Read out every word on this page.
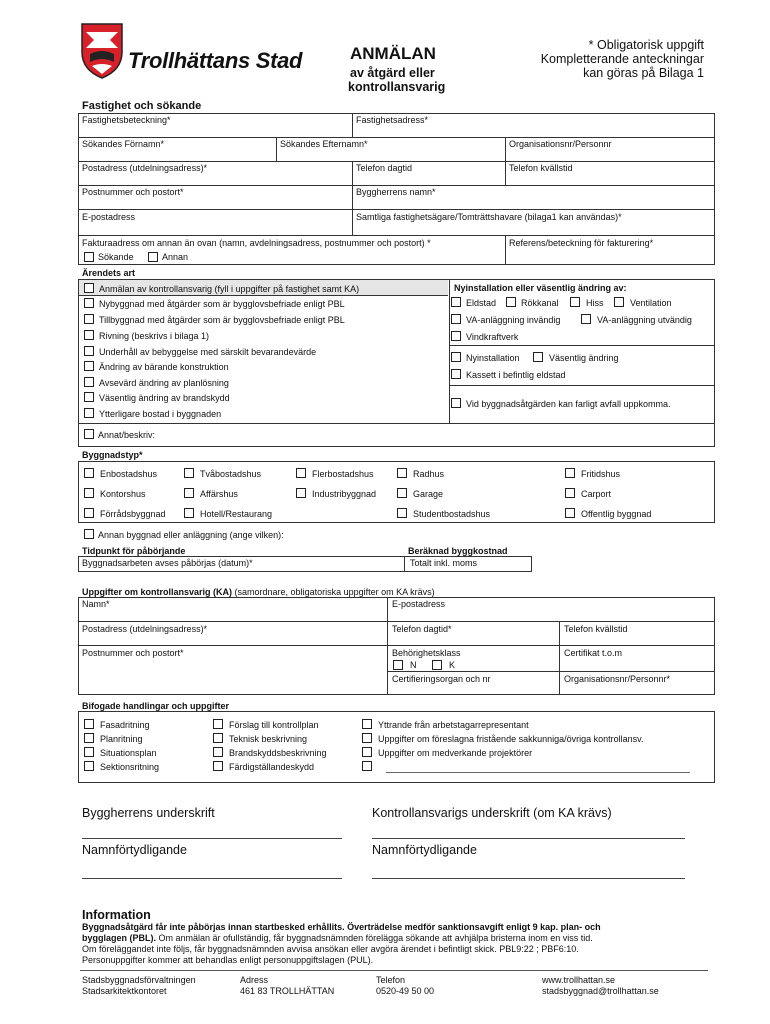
Trollhättans Stad	ANMÄLAN
av åtgärd eller
kontrollansvarig
* Obligatorisk uppgift
Kompletterande anteckningar
kan göras på Bilaga 1
Fastighet och sökande
Fastighetsbeteckning*	Fastighetsadress*
Sökandes Förnamn*	Sökandes Efternamn*	Organisationsnr/Personnr
Postadress (utdelningsadress)*	Telefon dagtid	Telefon kvällstid
Postnummer och postort*	Byggherrens namn*
E-postadress	Samtliga fastighetsägare/Tomträttshavare (bilaga1 kan användas)*
Fakturaadress om annan än ovan (namn, avdelningsadress, postnummer och postort) *	Referens/beteckning för fakturering*
Sökande	Annan
Ärendets art
Anmälan av kontrollansvarig (fyll i uppgifter på fastighet samt KA)
Nybyggnad med åtgärder som är bygglovsbefriade enligt PBL
Tillbyggnad med åtgärder som är bygglovsbefriade enligt PBL
Rivning (beskrivs i bilaga 1)
Underhåll av bebyggelse med särskilt bevarandevärde
Ändring av bärande konstruktion
Avsevärd ändring av planlösning
Väsentlig ändring av brandskydd
Ytterligare bostad i byggnaden
Nyinstallation eller väsentlig ändring av:
Eldstad	Rökkanal	Hiss	Ventilation
VA-anläggning invändig	VA-anläggning utvändig
Vindkraftverk
Nyinstallation	Väsentlig ändring
Kassett i befintlig eldstad
Vid byggnadsåtgärden kan farligt avfall uppkomma.
Annat/beskriv:
Byggnadstyp*
Enbostadshus	Tvåbostadshus	Flerbostadshus	Radhus	Fritidshus
Kontorshus	Affärshus	Industribyggnad	Garage	Carport
Förrådsbyggnad	Hotell/Restaurang	Studentbostadshus	Offentlig byggnad
Annan byggnad eller anläggning (ange vilken):
Tidpunkt för påbörjande	Beräknad byggkostnad
Byggnadsarbeten avses påbörjas (datum)*	Totalt inkl. moms
Uppgifter om kontrollansvarig (KA) (samordnare, obligatoriska uppgifter om KA krävs)
Namn*	E-postadress
Postadress (utdelningsadress)*	Telefon dagtid*	Telefon kvällstid
Postnummer och postort*	Behörighetsklass
N	K
Certifikat t.o.m
Certifieringsorgan och nr	Organisationsnr/Personnr*
Bifogade handlingar och uppgifter
Fasadritning
Planritning
Situationsplan
Sektionsritning
Förslag till kontrollplan
Teknisk beskrivning
Brandskyddsbeskrivning
Färdigställandeskydd
Yttrande från arbetstagarrepresentant
Uppgifter om föreslagna fristående sakkunniga/övriga kontrollansv.
Uppgifter om medverkande projektörer
Byggherrens underskrift	Kontrollansvarigs underskrift (om KA krävs)
Namnförtydligande	Namnförtydligande
Information
Byggnadsåtgärd får inte påbörjas innan startbesked erhållits. Överträdelse medför sanktionsavgift enligt 9 kap. plan- och
bygglagen (PBL). Om anmälan är ofullständig, får byggnadsnämnden förelägga sökande att avhjälpa bristerna inom en viss tid.
Om föreläggandet inte följs, får byggnadsnämnden avvisa ansökan eller avgöra ärendet i befintligt skick. PBL9:22 ; PBF6:10.
Personuppgifter kommer att behandlas enligt personuppgiftslagen (PUL).
Stadsbyggnadsförvaltningen
Stadsarkitektkontoret
Adress
461 83 TROLLHÄTTAN
Telefon
0520-49 50 00
www.trollhattan.se
stadsbyggnad@trollhattan.se
